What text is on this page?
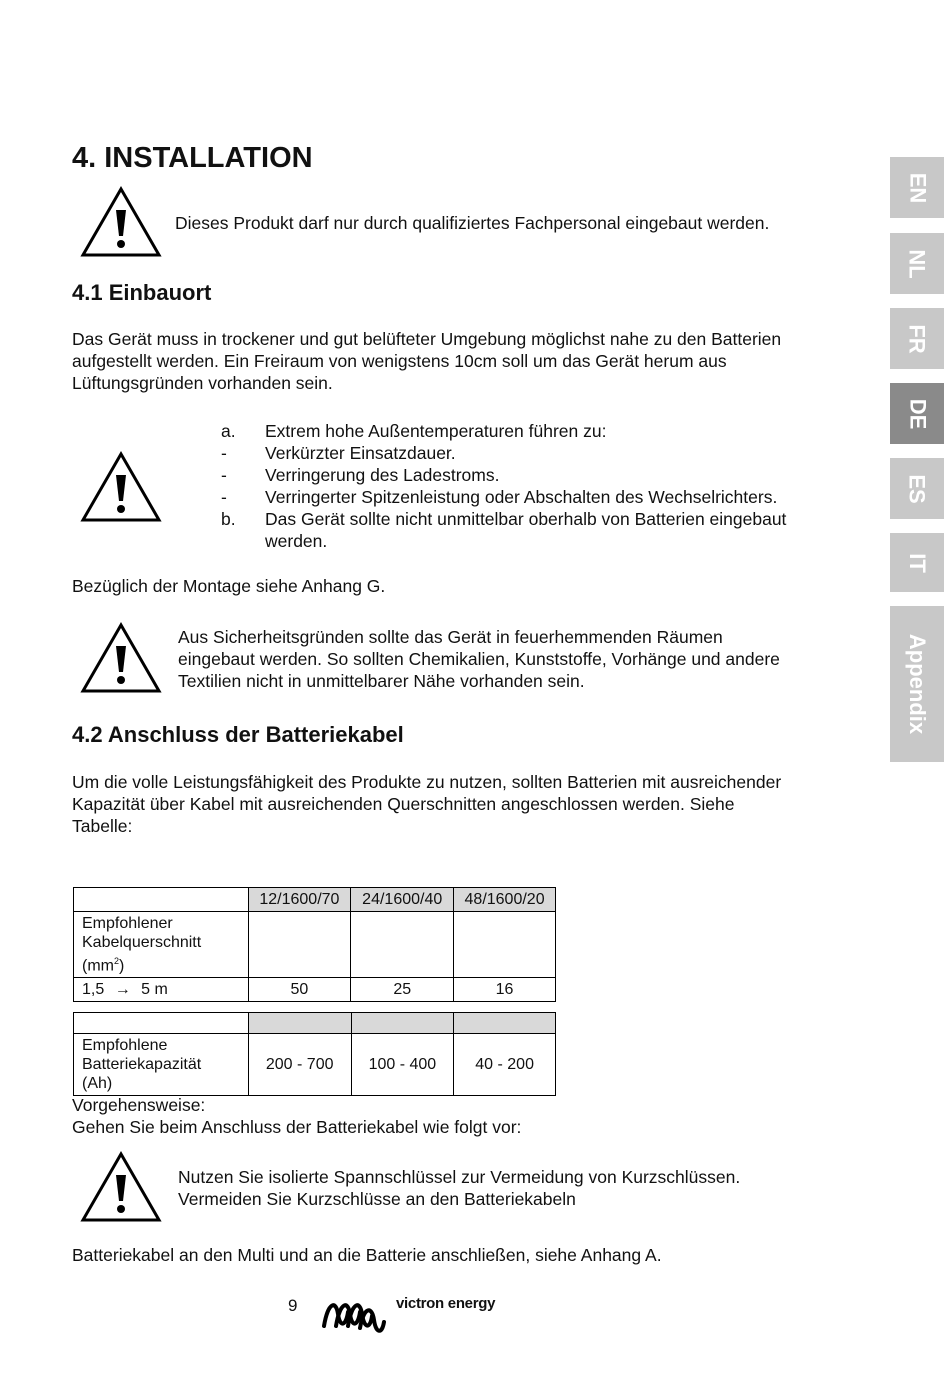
4. INSTALLATION
Dieses Produkt darf nur durch qualifiziertes Fachpersonal eingebaut werden.
4.1 Einbauort
Das Gerät muss in trockener und gut belüfteter Umgebung möglichst nahe zu den Batterien
aufgestellt werden. Ein Freiraum von wenigstens 10cm soll um das Gerät herum aus
Lüftungsgründen vorhanden sein.
a. Extrem hohe Außentemperaturen führen zu:
- Verkürzter Einsatzdauer.
- Verringerung des Ladestroms.
- Verringerter Spitzenleistung oder Abschalten des Wechselrichters.
b. Das Gerät sollte nicht unmittelbar oberhalb von Batterien eingebaut werden.
Bezüglich der Montage siehe Anhang G.
Aus Sicherheitsgründen sollte das Gerät in feuerhemmenden Räumen
eingebaut werden. So sollten Chemikalien, Kunststoffe, Vorhänge und andere
Textilien nicht in unmittelbarer Nähe vorhanden sein.
4.2 Anschluss der Batteriekabel
Um die volle Leistungsfähigkeit des Produkte zu nutzen, sollten Batterien mit ausreichender
Kapazität über Kabel mit ausreichenden Querschnitten angeschlossen werden. Siehe
Tabelle:
	12/1600/70	24/1600/40	48/1600/20

Empfohlener
Kabelquerschnitt
$(mm^2)$			

1,5 → 5 m	50	25	16

Empfohlene
Batteriekapazität
(Ah)	200 - 700	100 - 400	40 - 200
Vorgehensweise:
Gehen Sie beim Anschluss der Batteriekabel wie folgt vor:
Nutzen Sie isolierte Spannschlüssel zur Vermeidung von Kurzschlüssen.
Vermeiden Sie Kurzschlüsse an den Batteriekabeln
Batteriekabel an den Multi und an die Batterie anschließen, siehe Anhang A.
9	victron energy
EN
NL
FR
DE
ES
IT
Appendix
